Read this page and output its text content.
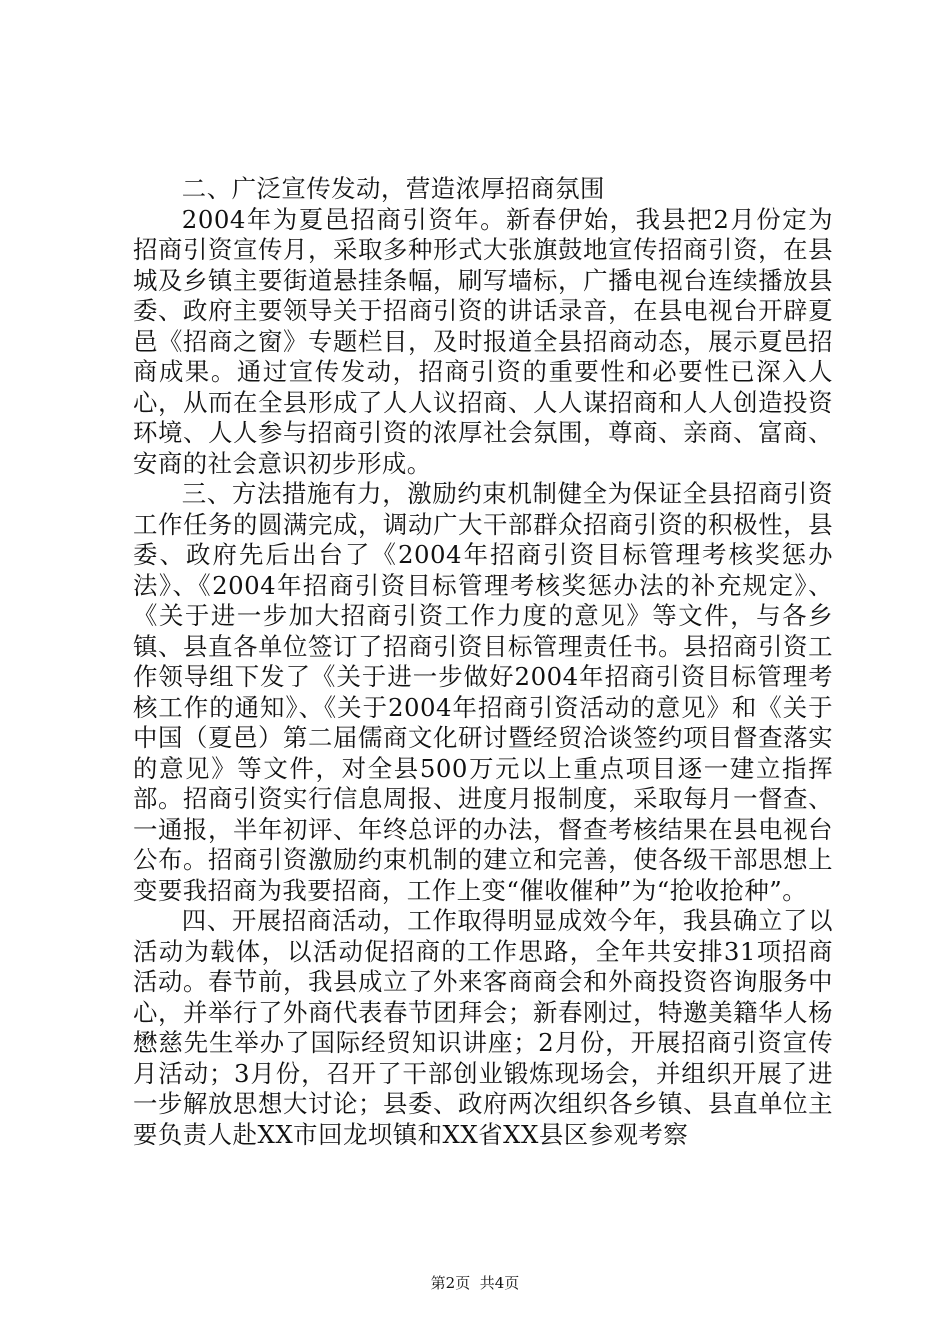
二、广泛宣传发动，营造浓厚招商氛围

2004年为夏邑招商引资年。新春伊始，我县把2月份定为招商引资宣传月，采取多种形式大张旗鼓地宣传招商引资，在县城及乡镇主要街道悬挂条幅，刷写墙标，广播电视台连续播放县委、政府主要领导关于招商引资的讲话录音，在县电视台开辟夏邑《招商之窗》专题栏目，及时报道全县招商动态，展示夏邑招商成果。通过宣传发动，招商引资的重要性和必要性已深入人心，从而在全县形成了人人议招商、人人谋招商和人人创造投资环境、人人参与招商引资的浓厚社会氛围，尊商、亲商、富商、安商的社会意识初步形成。

三、方法措施有力，激励约束机制健全为保证全县招商引资工作任务的圆满完成，调动广大干部群众招商引资的积极性，县委、政府先后出台了《2004年招商引资目标管理考核奖惩办法》、《2004年招商引资目标管理考核奖惩办法的补充规定》、《关于进一步加大招商引资工作力度的意见》等文件，与各乡镇、县直各单位签订了招商引资目标管理责任书。县招商引资工作领导组下发了《关于进一步做好2004年招商引资目标管理考核工作的通知》、《关于2004年招商引资活动的意见》和《关于中国（夏邑）第二届儒商文化研讨暨经贸洽谈签约项目督查落实的意见》等文件，对全县500万元以上重点项目逐一建立指挥部。招商引资实行信息周报、进度月报制度，采取每月一督查、一通报，半年初评、年终总评的办法，督查考核结果在县电视台公布。招商引资激励约束机制的建立和完善，使各级干部思想上变要我招商为我要招商，工作上变“催收催种”为“抢收抢种”。

四、开展招商活动，工作取得明显成效今年，我县确立了以活动为载体，以活动促招商的工作思路，全年共安排31项招商活动。春节前，我县成立了外来客商商会和外商投资咨询服务中心，并举行了外商代表春节团拜会；新春刚过，特邀美籍华人杨懋慈先生举办了国际经贸知识讲座；2月份，开展招商引资宣传月活动；3月份，召开了干部创业锻炼现场会，并组织开展了进一步解放思想大讨论；县委、政府两次组织各乡镇、县直单位主要负责人赴XX市回龙坝镇和XX省XX县区参观考察

第2页 共4页
